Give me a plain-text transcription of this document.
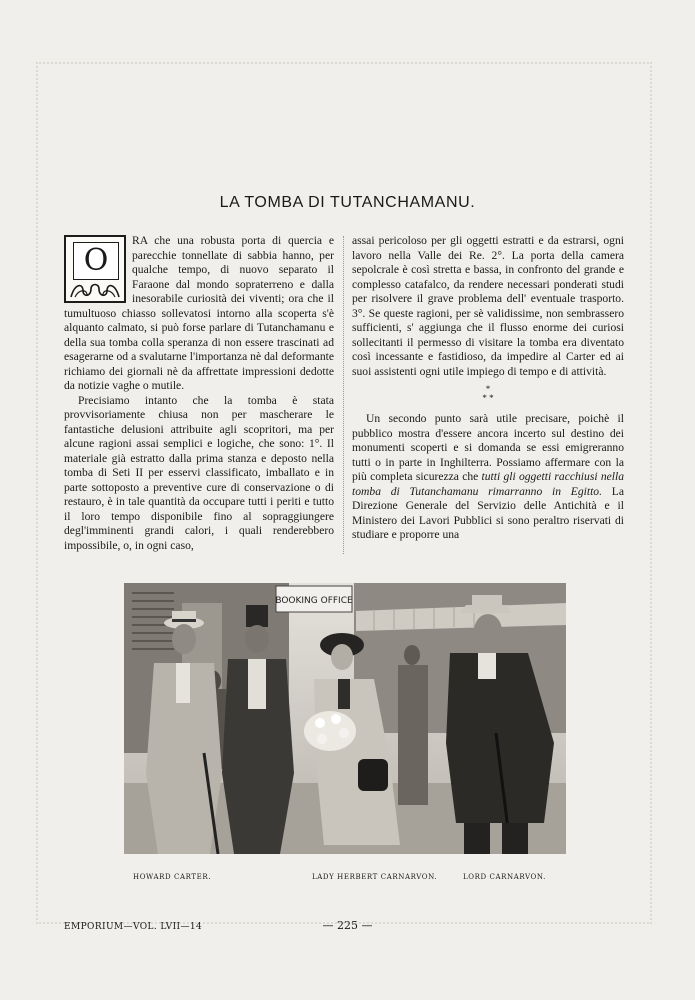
LA TOMBA DI TUTANCHAMANU.

O
RA che una robusta porta di quercia e parecchie tonnellate di sabbia hanno, per qualche tempo, di nuovo separato il Faraone dal mondo sopraterreno e dalla inesorabile curiosità dei viventi; ora che il tumultuoso chiasso sollevatosi intorno alla scoperta s'è alquanto calmato, si può forse parlare di Tutanchamanu e della sua tomba colla speranza di non essere trascinati ad esagerarne od a svalutarne l'importanza nè dal deformante richiamo dei giornali nè da affrettate impressioni dedotte da notizie vaghe o mutile.

Precisiamo intanto che la tomba è stata provvisoriamente chiusa non per mascherare le fantastiche delusioni attribuite agli scopritori, ma per alcune ragioni assai semplici e logiche, che sono: 1°. Il materiale già estratto dalla prima stanza e deposto nella tomba di Seti II per esservi classificato, imballato e in parte sottoposto a preventive cure di conservazione o di restauro, è in tale quantità da occupare tutti i periti e tutto il loro tempo disponibile fino al sopraggiungere degl'imminenti grandi calori, i quali renderebbero impossibile, o, in ogni caso,

assai pericoloso per gli oggetti estratti e da estrarsi, ogni lavoro nella Valle dei Re. 2°. La porta della camera sepolcrale è così stretta e bassa, in confronto del grande e complesso catafalco, da rendere necessari ponderati studi per risolvere il grave problema dell' eventuale trasporto. 3°. Se queste ragioni, per sè validissime, non sembrassero sufficienti, s' aggiunga che il flusso enorme dei curiosi sollecitanti il permesso di visitare la tomba era diventato così incessante e fastidioso, da impedire al Carter ed ai suoi assistenti ogni utile impiego di tempo e di attività.

*
* *

Un secondo punto sarà utile precisare, poichè il pubblico mostra d'essere ancora incerto sul destino dei monumenti scoperti e si domanda se essi emigreranno tutti o in parte in Inghilterra. Possiamo affermare con la più completa sicurezza che tutti gli oggetti racchiusi nella tomba di Tutanchamanu rimarranno in Egitto. La Direzione Generale del Servizio delle Antichità e il Ministero dei Lavori Pubblici si sono peraltro riservati di studiare e proporre una

BOOKING OFFICE
HOWARD CARTER.	LADY HERBERT CARNARVON.	LORD CARNARVON.
EMPORIUM—VOL. LVII—14	— 225 —
